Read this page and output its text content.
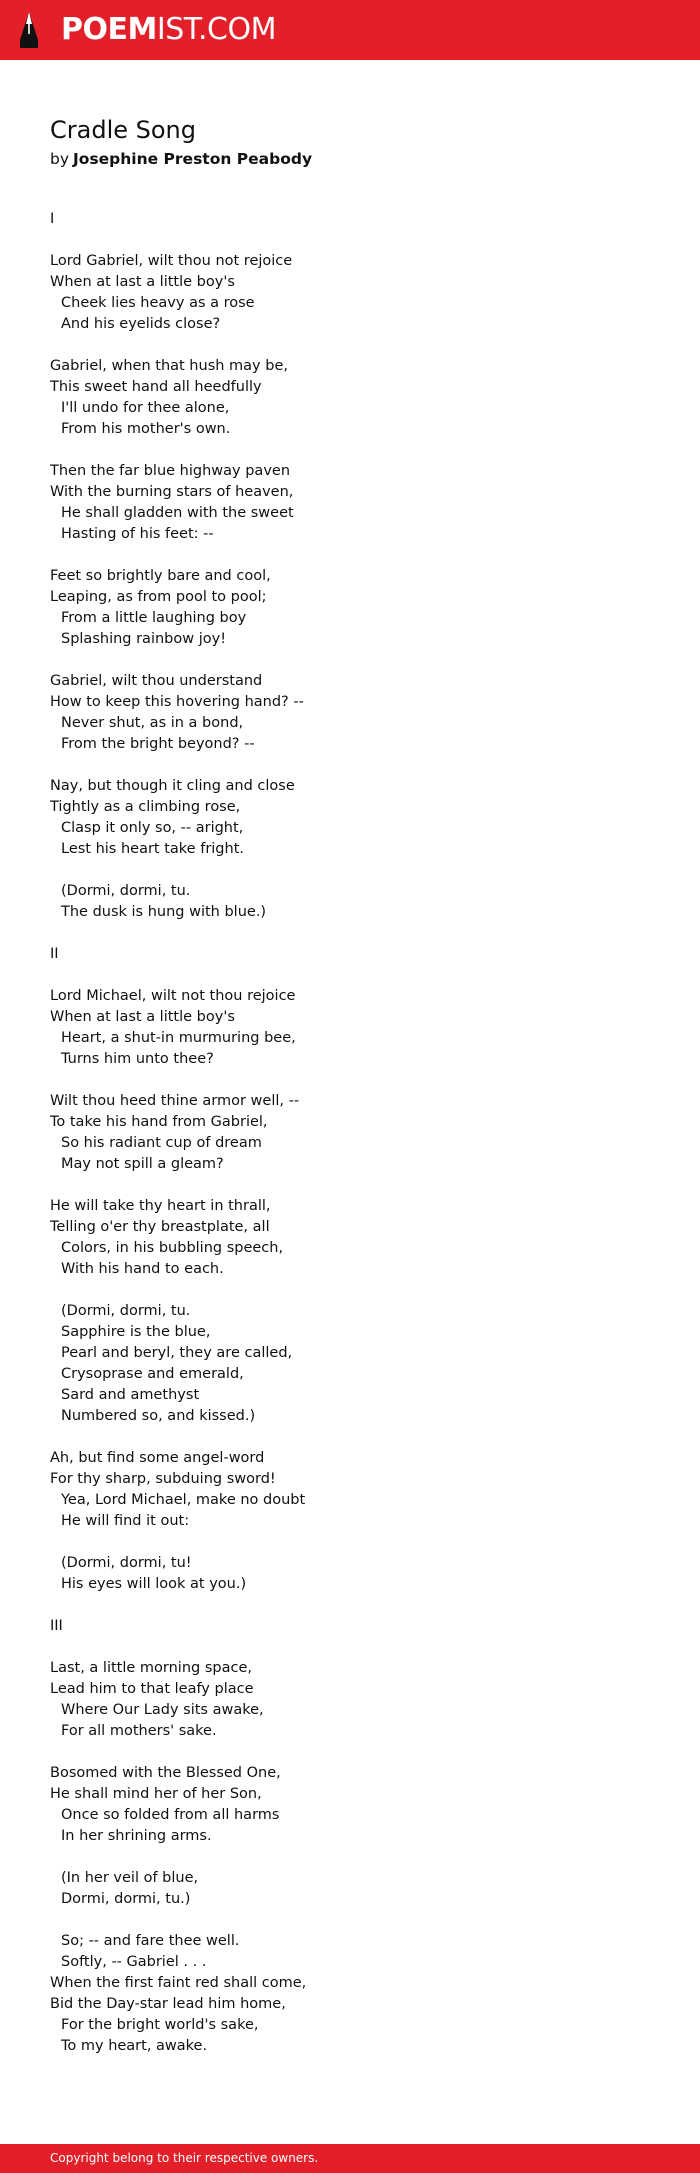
POEMIST.COM
Cradle Song
by Josephine Preston Peabody
I
Lord Gabriel, wilt thou not rejoice
When at last a little boy's
Cheek lies heavy as a rose
And his eyelids close?
Gabriel, when that hush may be,
This sweet hand all heedfully
I'll undo for thee alone,
From his mother's own.
Then the far blue highway paven
With the burning stars of heaven,
He shall gladden with the sweet
Hasting of his feet: --
Feet so brightly bare and cool,
Leaping, as from pool to pool;
From a little laughing boy
Splashing rainbow joy!
Gabriel, wilt thou understand
How to keep this hovering hand? --
Never shut, as in a bond,
From the bright beyond? --
Nay, but though it cling and close
Tightly as a climbing rose,
Clasp it only so, -- aright,
Lest his heart take fright.
(Dormi, dormi, tu.
The dusk is hung with blue.)
II
Lord Michael, wilt not thou rejoice
When at last a little boy's
Heart, a shut-in murmuring bee,
Turns him unto thee?
Wilt thou heed thine armor well, --
To take his hand from Gabriel,
So his radiant cup of dream
May not spill a gleam?
He will take thy heart in thrall,
Telling o'er thy breastplate, all
Colors, in his bubbling speech,
With his hand to each.
(Dormi, dormi, tu.
Sapphire is the blue,
Pearl and beryl, they are called,
Crysoprase and emerald,
Sard and amethyst
Numbered so, and kissed.)
Ah, but find some angel-word
For thy sharp, subduing sword!
Yea, Lord Michael, make no doubt
He will find it out:
(Dormi, dormi, tu!
His eyes will look at you.)
III
Last, a little morning space,
Lead him to that leafy place
Where Our Lady sits awake,
For all mothers' sake.
Bosomed with the Blessed One,
He shall mind her of her Son,
Once so folded from all harms
In her shrining arms.
(In her veil of blue,
Dormi, dormi, tu.)
So; -- and fare thee well.
Softly, -- Gabriel . . .
When the first faint red shall come,
Bid the Day-star lead him home,
For the bright world's sake,
To my heart, awake.
Copyright belong to their respective owners.
